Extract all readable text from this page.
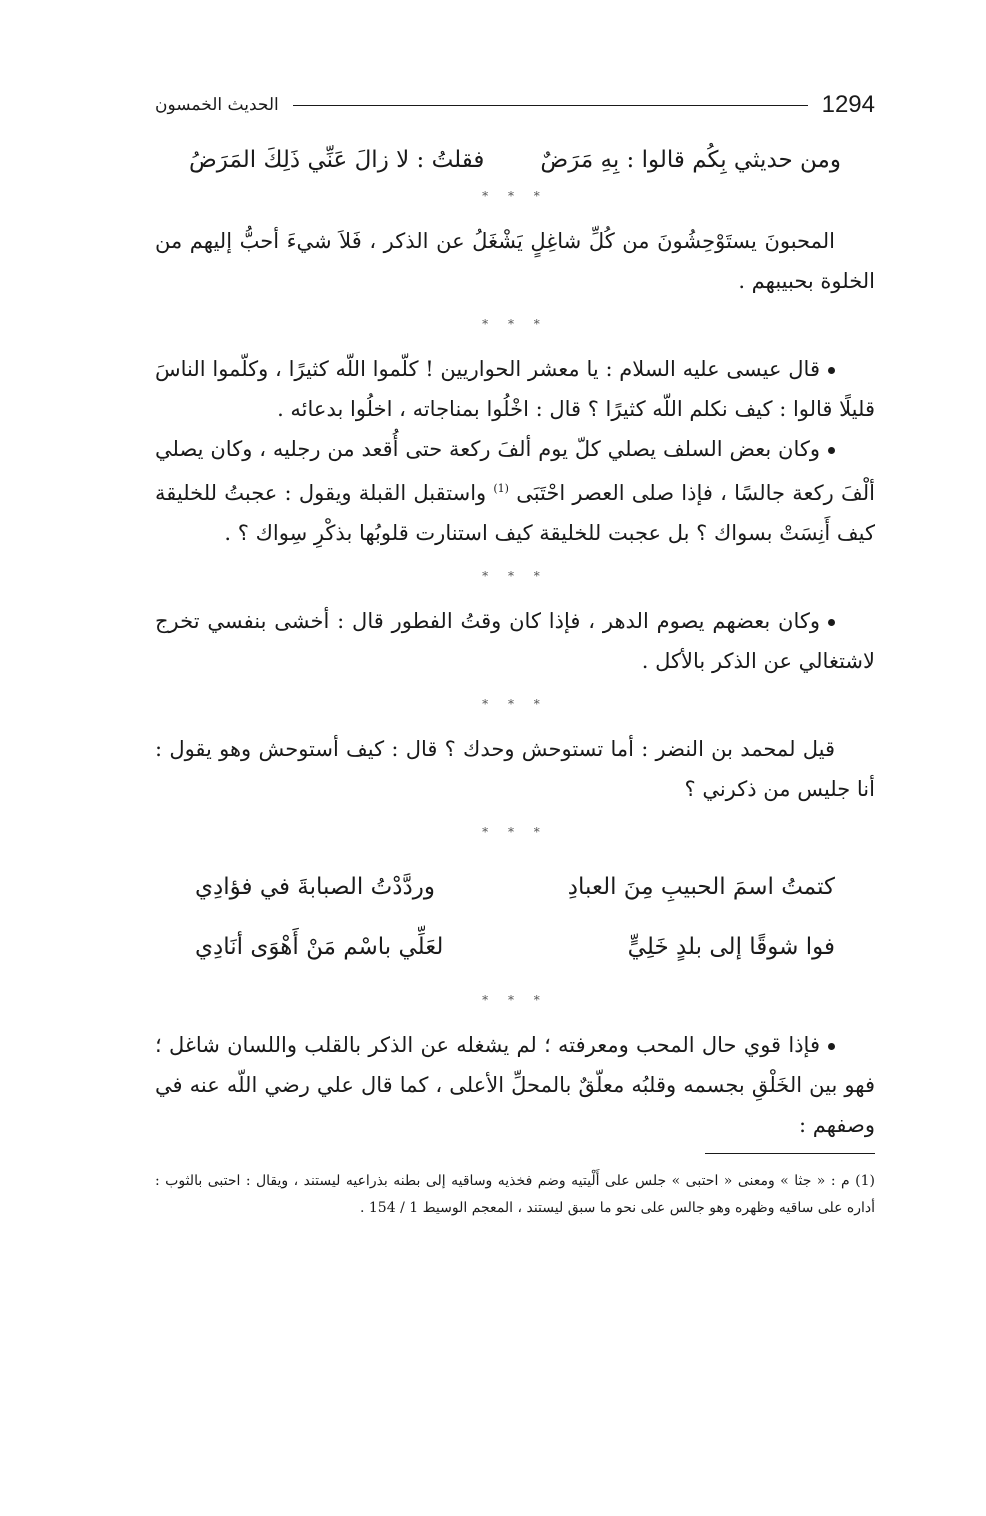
1294
الحديث الخمسون
ومن حديثي بِكُم قالوا : بِهِ مَرَضٌ
فقلتُ : لا زالَ عَنِّي ذَلِكَ المَرَضُ
* * *

المحبونَ يستَوْحِشُونَ من كُلِّ شاغِلٍ يَشْغَلُ عن الذكر ، فَلاَ شيءَ أحبُّ إليهم من الخلوة بحبيبهم .

* * *

قال عيسى عليه السلام : يا معشر الحواريين ! كلّموا اللّه كثيرًا ، وكلّموا الناسَ قليلًا قالوا : كيف نكلم اللّه كثيرًا ؟ قال : اخْلُوا بمناجاته ، اخلُوا بدعائه .

وكان بعض السلف يصلي كلّ يوم ألفَ ركعة حتى أُقعد من رجليه ، وكان يصلي ألْفَ ركعة جالسًا ، فإذا صلى العصر احْتَبَى $^{(1)}$ واستقبل القبلة ويقول : عجبتُ للخليقة كيف أَنِسَتْ بسواك ؟ بل عجبت للخليقة كيف استنارت قلوبُها بذكْرِ سِواك ؟ .

* * *

وكان بعضهم يصوم الدهر ، فإذا كان وقتُ الفطور قال : أخشى بنفسي تخرج لاشتغالي عن الذكر بالأكل .

* * *

قيل لمحمد بن النضر : أما تستوحش وحدك ؟ قال : كيف أستوحش وهو يقول : أنا جليس من ذكرني ؟

* * *
كتمتُ اسمَ الحبيبِ مِنَ العبادِ
وردَّدْتُ الصبابةَ في فؤادِي
فوا شوقًا إلى بلدٍ خَلِيٍّ
لعَلِّي باسْم مَنْ أَهْوَى أنَادِي
* * *

فإذا قوي حال المحب ومعرفته ؛ لم يشغله عن الذكر بالقلب واللسان شاغل ؛ فهو بين الخَلْقِ بجسمه وقلبُه معلّقٌ بالمحلِّ الأعلى ، كما قال علي رضي اللّه عنه في وصفهم :

(1) م : « جثا » ومعنى « احتبى » جلس على أَلْيتيه وضم فخذيه وساقيه إلى بطنه بذراعيه ليستند ، ويقال : احتبى بالثوب : أداره على ساقيه وظهره وهو جالس على نحو ما سبق ليستند ، المعجم الوسيط 1 / 154 .
